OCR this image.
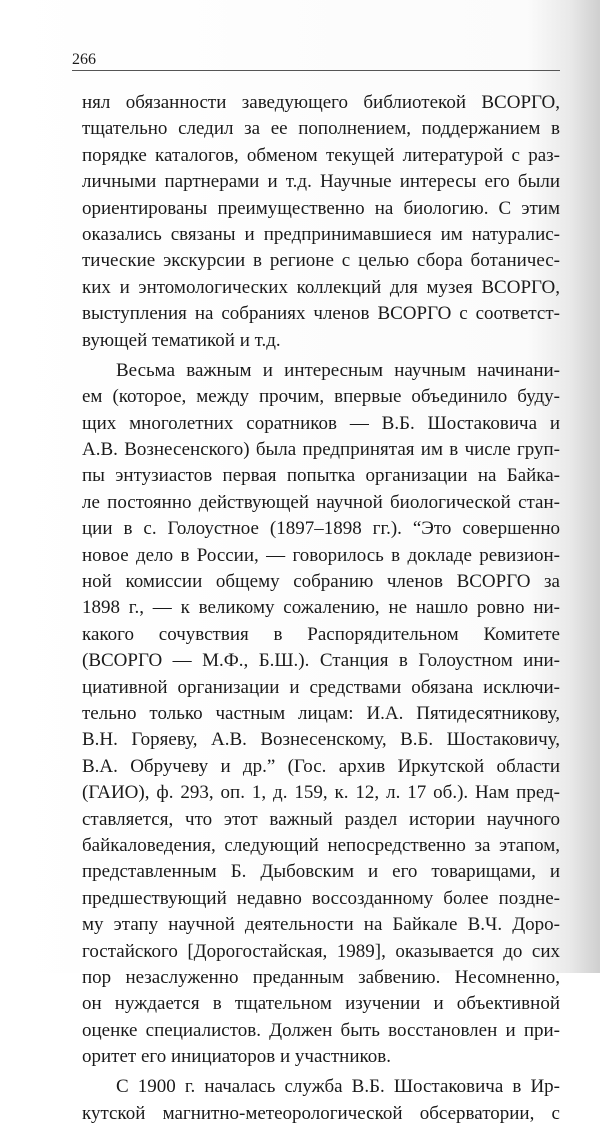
266
нял обязанности заведующего библиотекой ВСОРГО,
тщательно следил за ее пополнением, поддержанием в
порядке каталогов, обменом текущей литературой с раз-
личными партнерами и т.д. Научные интересы его были
ориентированы преимущественно на биологию. С этим
оказались связаны и предпринимавшиеся им натуралис-
тические экскурсии в регионе с целью сбора ботаничес-
ких и энтомологических коллекций для музея ВСОРГО,
выступления на собраниях членов ВСОРГО с соответст-
вующей тематикой и т.д.
Весьма важным и интересным научным начинани-
ем (которое, между прочим, впервые объединило буду-
щих многолетних соратников — В.Б. Шостаковича и
А.В. Вознесенского) была предпринятая им в числе груп-
пы энтузиастов первая попытка организации на Байка-
ле постоянно действующей научной биологической стан-
ции в с. Голоустное (1897–1898 гг.). “Это совершенно
новое дело в России, — говорилось в докладе ревизион-
ной комиссии общему собранию членов ВСОРГО за
1898 г., — к великому сожалению, не нашло ровно ни-
какого сочувствия в Распорядительном Комитете
(ВСОРГО — М.Ф., Б.Ш.). Станция в Голоустном ини-
циативной организации и средствами обязана исключи-
тельно только частным лицам: И.А. Пятидесятникову,
В.Н. Горяеву, А.В. Вознесенскому, В.Б. Шостаковичу,
В.А. Обручеву и др.” (Гос. архив Иркутской области
(ГАИО), ф. 293, оп. 1, д. 159, к. 12, л. 17 об.). Нам пред-
ставляется, что этот важный раздел истории научного
байкаловедения, следующий непосредственно за этапом,
представленным Б. Дыбовским и его товарищами, и
предшествующий недавно воссозданному более поздне-
му этапу научной деятельности на Байкале В.Ч. Доро-
гостайского [Дорогостайская, 1989], оказывается до сих
пор незаслуженно преданным забвению. Несомненно,
он нуждается в тщательном изучении и объективной
оценке специалистов. Должен быть восстановлен и при-
оритет его инициаторов и участников.
С 1900 г. началась служба В.Б. Шостаковича в Ир-
кутской магнитно-метеорологической обсерватории, с
